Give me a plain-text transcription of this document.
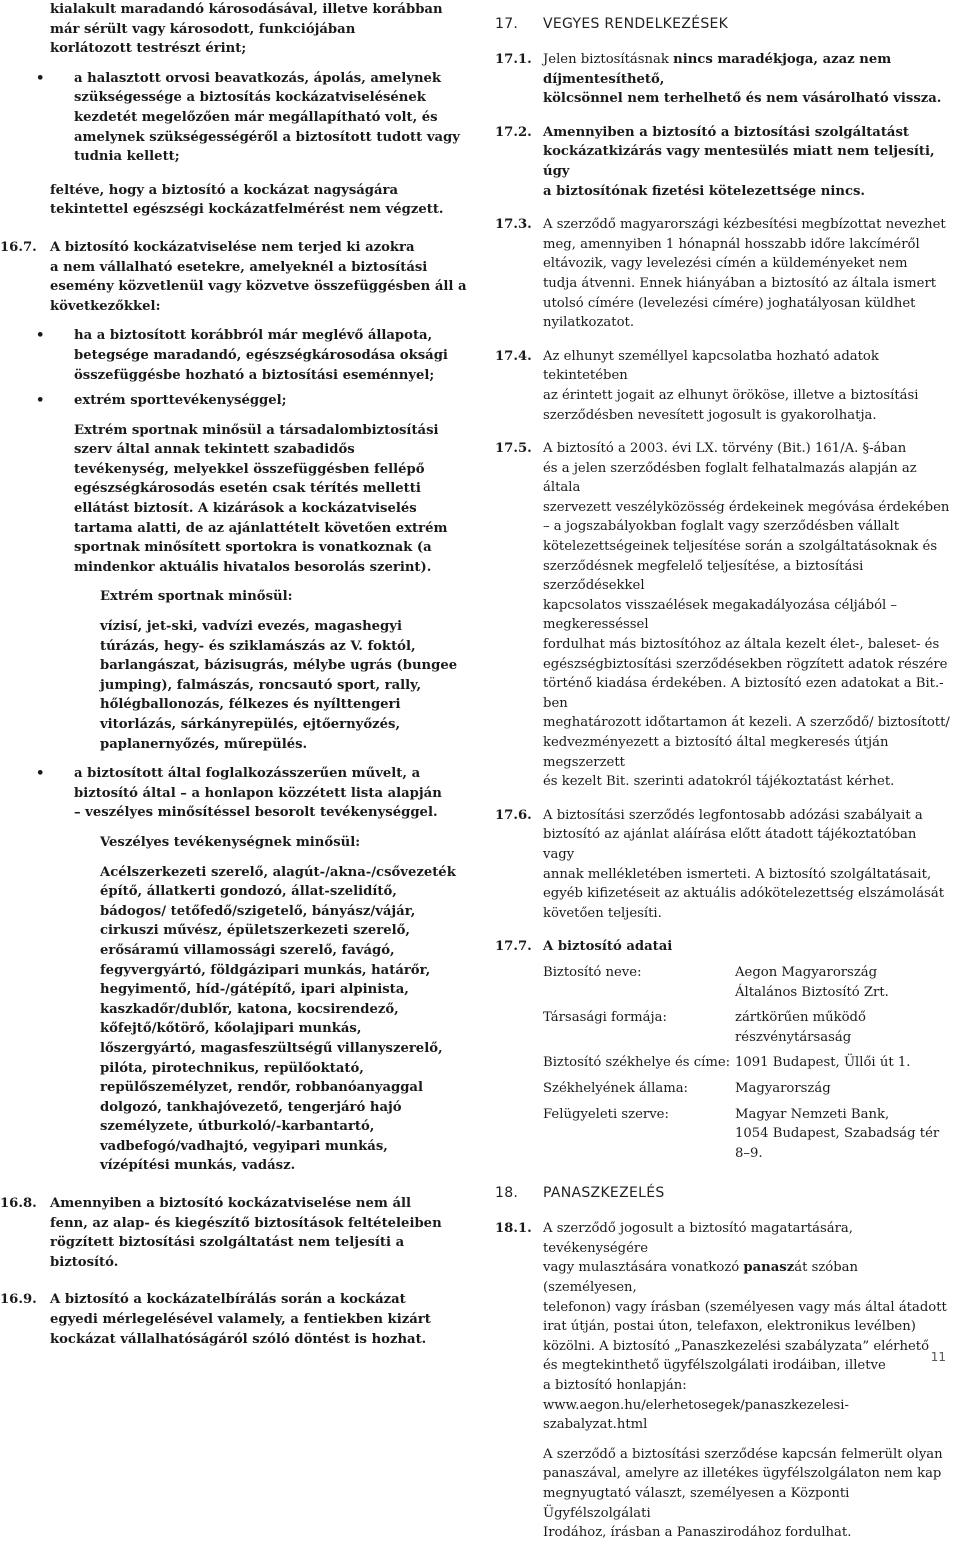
kialakult maradandó károsodásával, illetve korábban
már sérült vagy károsodott, funkciójában
korlátozott testrészt érint;
• a halasztott orvosi beavatkozás, ápolás, amelynek
szükségessége a biztosítás kockázatviselésének
kezdetét megelőzően már megállapítható volt, és
amelynek szükségességéről a biztosított tudott vagy
tudnia kellett;
feltéve, hogy a biztosító a kockázat nagyságára
tekintettel egészségi kockázatfelmérést nem végzett.
16.7.	A biztosító kockázatviselése nem terjed ki azokra
a nem vállalható esetekre, amelyeknél a biztosítási
esemény közvetlenül vagy közvetve összefüggésben áll a
következőkkel:
• ha a biztosított korábbról már meglévő állapota,
betegsége maradandó, egészségkárosodása oksági
összefüggésbe hozható a biztosítási eseménnyel;
• extrém sporttevékenységgel;
Extrém sportnak minősül a társadalombiztosítási
szerv által annak tekintett szabadidős
tevékenység, melyekkel összefüggésben fellépő
egészségkárosodás esetén csak térítés melletti
ellátást biztosít. A kizárások a kockázatviselés
tartama alatti, de az ajánlattételt követően extrém
sportnak minősített sportokra is vonatkoznak (a
mindenkor aktuális hivatalos besorolás szerint).
Extrém sportnak minősül:
vízisí, jet-ski, vadvízi evezés, magashegyi
túrázás, hegy- és sziklamászás az V. foktól,
barlangászat, bázisugrás, mélybe ugrás (bungee
jumping), falmászás, roncsautó sport, rally,
hőlégballonozás, félkezes és nyílttengeri
vitorlázás, sárkányrepülés, ejtőernyőzés,
paplanernyőzés, műrepülés.
• a biztosított által foglalkozásszerűen művelt, a
biztosító által – a honlapon közzétett lista alapján
– veszélyes minősítéssel besorolt tevékenységgel.
Veszélyes tevékenységnek minősül:
Acélszerkezeti szerelő, alagút-/akna-/csővezeték
építő, állatkerti gondozó, állat-szelidítő,
bádogos/ tetőfedő/szigetelő, bányász/vájár,
cirkuszi művész, épületszerkezeti szerelő,
erősáramú villamossági szerelő, favágó,
fegyvergyártó, földgázipari munkás, határőr,
hegyimentő, híd-/gátépítő, ipari alpinista,
kaszkadőr/dublőr, katona, kocsirendező,
kőfejtő/kőtörő, kőolajipari munkás,
lőszergyártó, magasfeszültségű villanyszerelő,
pilóta, pirotechnikus, repülőoktató,
repülőszemélyzet, rendőr, robbanóanyaggal
dolgozó, tankhajóvezető, tengerjáró hajó
személyzete, útburkoló/-karbantartó,
vadbefogó/vadhajtó, vegyipari munkás,
vízépítési munkás, vadász.
16.8.	Amennyiben a biztosító kockázatviselése nem áll
fenn, az alap- és kiegészítő biztosítások feltételeiben
rögzített biztosítási szolgáltatást nem teljesíti a
biztosító.
16.9.	A biztosító a kockázatelbírálás során a kockázat
egyedi mérlegelésével valamely, a fentiekben kizárt
kockázat vállalhatóságáról szóló döntést is hozhat.
17.	VEGYES RENDELKEZÉSEK
17.1. Jelen biztosításnak nincs maradékjoga, azaz nem díjmentesíthető,
kölcsönnel nem terhelhető és nem vásárolható vissza.
17.2. Amennyiben a biztosító a biztosítási szolgáltatást
kockázatkizárás vagy mentesülés miatt nem teljesíti, úgy
a biztosítónak fizetési kötelezettsége nincs.
17.3. A szerződő magyarországi kézbesítési megbízottat nevezhet
meg, amennyiben 1 hónapnál hosszabb időre lakcíméről
eltávozik, vagy levelezési címén a küldeményeket nem
tudja átvenni. Ennek hiányában a biztosító az általa ismert
utolsó címére (levelezési címére) joghatályosan küldhet
nyilatkozatot.
17.4. Az elhunyt személlyel kapcsolatba hozható adatok tekintetében
az érintett jogait az elhunyt örököse, illetve a biztosítási
szerződésben nevesített jogosult is gyakorolhatja.
17.5. A biztosító a 2003. évi LX. törvény (Bit.) 161/A. §-ában
és a jelen szerződésben foglalt felhatalmazás alapján az általa
szervezett veszélyközösség érdekeinek megóvása érdekében
– a jogszabályokban foglalt vagy szerződésben vállalt
kötelezettségeinek teljesítése során a szolgáltatásoknak és
szerződésnek megfelelő teljesítése, a biztosítási szerződésekkel
kapcsolatos visszaélések megakadályozása céljából – megkeresséssel
fordulhat más biztosítóhoz az általa kezelt élet-, baleset- és
egészségbiztosítási szerződésekben rögzített adatok részére
történő kiadása érdekében. A biztosító ezen adatokat a Bit.-ben
meghatározott időtartamon át kezeli. A szerződő/ biztosított/
kedvezményezett a biztosító által megkeresés útján megszerzett
és kezelt Bit. szerinti adatokról tájékoztatást kérhet.
17.6. A biztosítási szerződés legfontosabb adózási szabályait a
biztosító az ajánlat aláírása előtt átadott tájékoztatóban vagy
annak mellékletében ismerteti. A biztosító szolgáltatásait,
egyéb kifizetéseit az aktuális adókötelezettség elszámolását
követően teljesíti.
17.7. A biztosító adatai
Biztosító neve:	Aegon Magyarország
Általános Biztosító Zrt.
Társasági formája:	zártkörűen működő
részvénytársaság
Biztosító székhelye és címe: 1091 Budapest, Üllői út 1.
Székhelyének állama:	Magyarország
Felügyeleti szerve:	Magyar Nemzeti Bank,
1054 Budapest, Szabadság tér 8–9.
18.	PANASZKEZELÉS
18.1. A szerződő jogosult a biztosító magatartására, tevékenységére
vagy mulasztására vonatkozó panaszát szóban (személyesen,
telefonon) vagy írásban (személyesen vagy más által átadott
irat útján, postai úton, telefaxon, elektronikus levélben)
közölni. A biztosító „Panaszkezelési szabályzata” elérhető
és megtekinthető ügyfélszolgálati irodáiban, illetve
a biztosító honlapján:
www.aegon.hu/elerhetosegek/panaszkezelesi-szabalyzat.html
A szerződő a biztosítási szerződése kapcsán felmerült olyan
panaszával, amelyre az illetékes ügyfélszolgálaton nem kap
megnyugtató választ, személyesen a Központi Ügyfélszolgálati
Irodához, írásban a Panaszirodához fordulhat.
11
